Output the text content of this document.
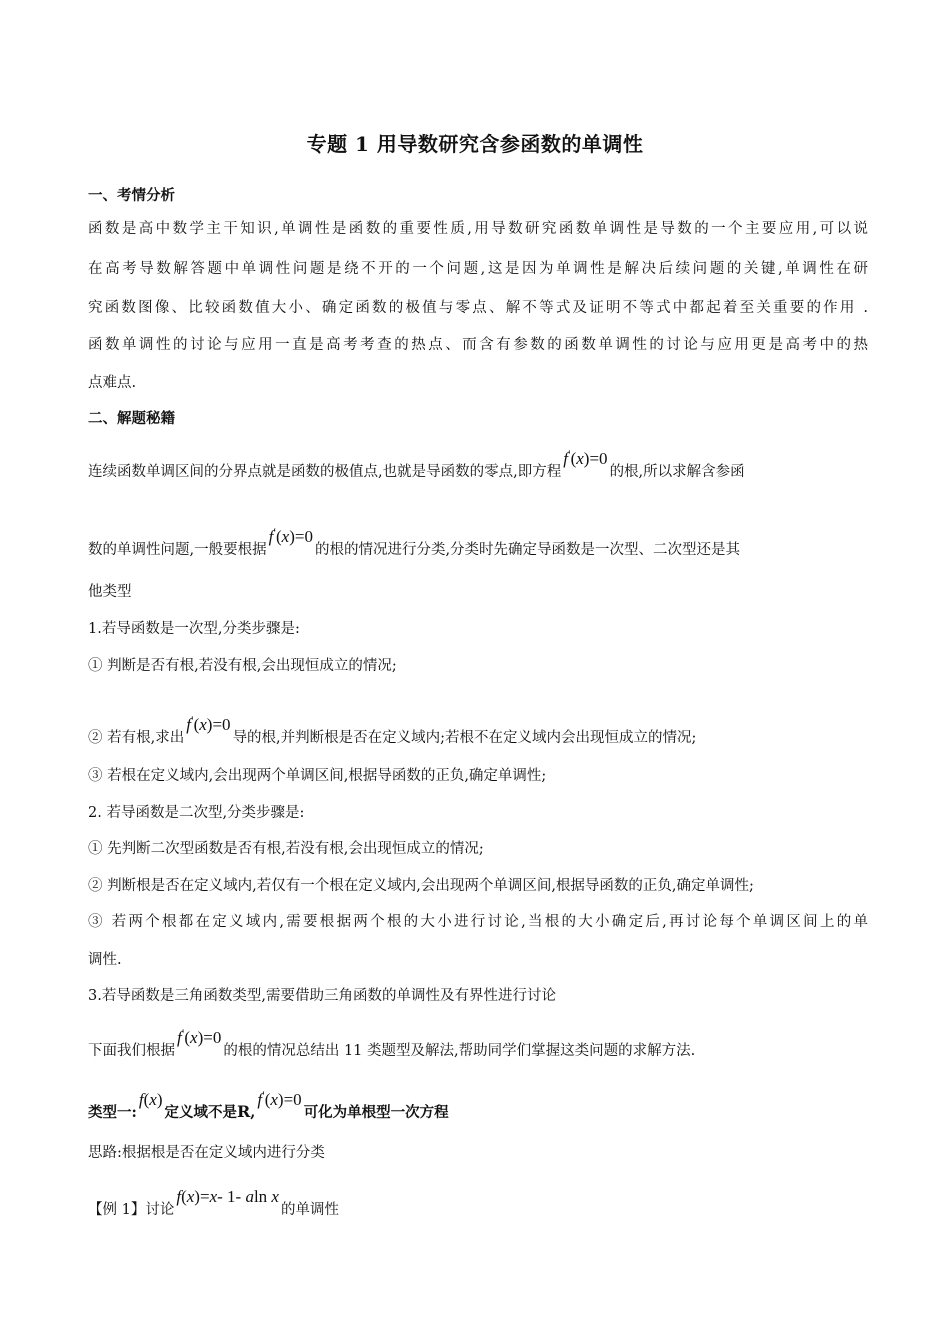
专题 1 用导数研究含参函数的单调性
一、考情分析
函数是高中数学主干知识,单调性是函数的重要性质,用导数研究函数单调性是导数的一个主要应用,可以说
在高考导数解答题中单调性问题是绕不开的一个问题,这是因为单调性是解决后续问题的关键,单调性在研
究函数图像、比较函数值大小、确定函数的极值与零点、解不等式及证明不等式中都起着至关重要的作用 .
函数单调性的讨论与应用一直是高考考查的热点、而含有参数的函数单调性的讨论与应用更是高考中的热
点难点.
二、解题秘籍
连续函数单调区间的分界点就是函数的极值点,也就是导函数的零点,即方程f′(x)=0的根,所以求解含参函
数的单调性问题,一般要根据f′(x)=0的根的情况进行分类,分类时先确定导函数是一次型、二次型还是其
他类型
1.若导函数是一次型,分类步骤是:
① 判断是否有根,若没有根,会出现恒成立的情况;
② 若有根,求出f′(x)=0导的根,并判断根是否在定义域内;若根不在定义域内会出现恒成立的情况;
③ 若根在定义域内,会出现两个单调区间,根据导函数的正负,确定单调性;
2. 若导函数是二次型,分类步骤是:
① 先判断二次型函数是否有根,若没有根,会出现恒成立的情况;
② 判断根是否在定义域内,若仅有一个根在定义域内,会出现两个单调区间,根据导函数的正负,确定单调性;
③ 若两个根都在定义域内,需要根据两个根的大小进行讨论,当根的大小确定后,再讨论每个单调区间上的单
调性.
3.若导函数是三角函数类型,需要借助三角函数的单调性及有界性进行讨论
下面我们根据f′(x)=0的根的情况总结出 11 类题型及解法,帮助同学们掌握这类问题的求解方法.
类型一:f(x)定义域不是R,f′(x)=0可化为单根型一次方程
思路:根据根是否在定义域内进行分类
【例 1】讨论f(x)=x- 1- aln x的单调性
